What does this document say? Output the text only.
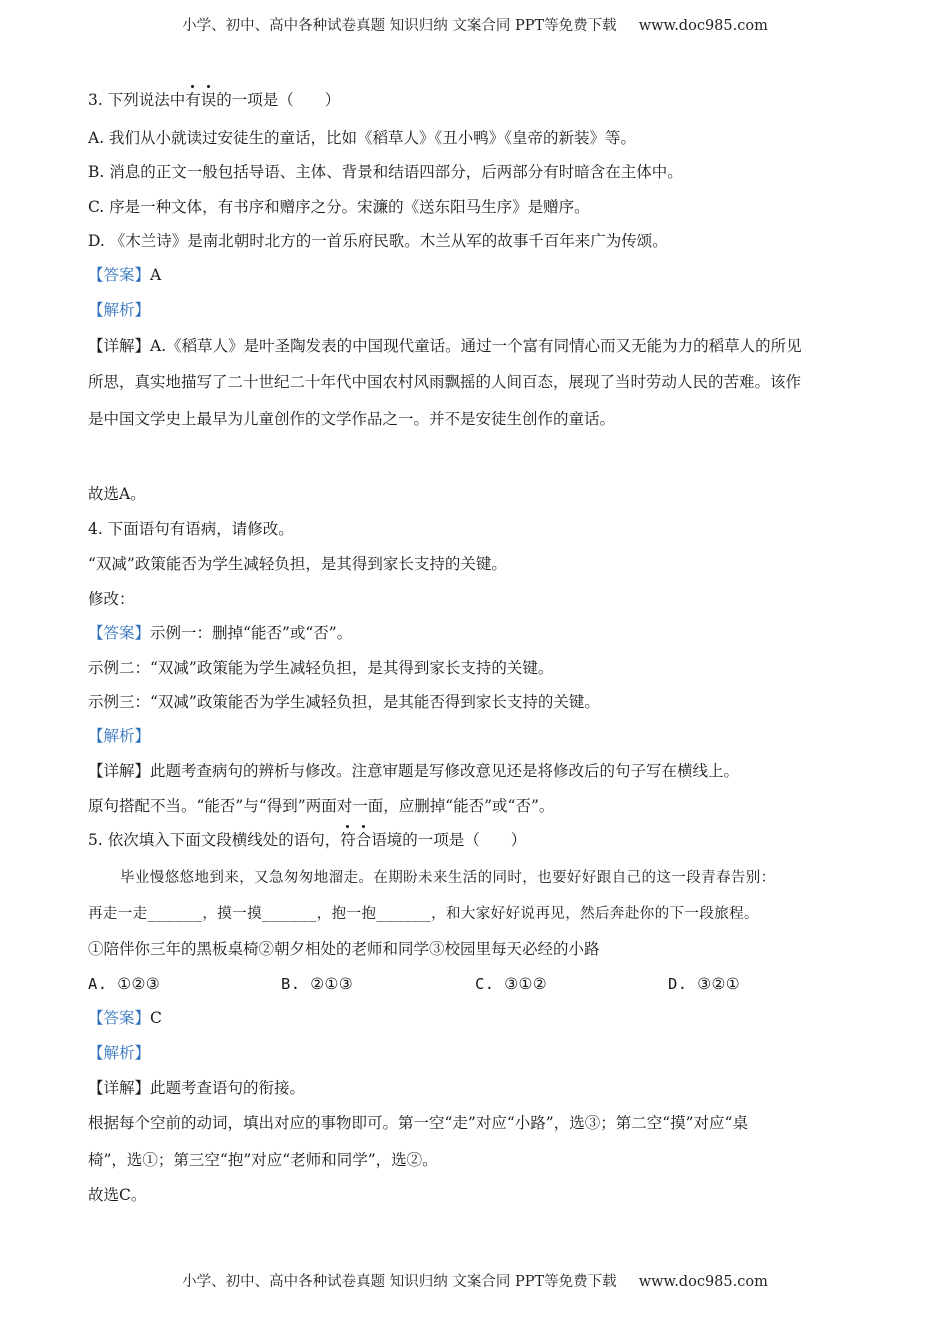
小学、初中、高中各种试卷真题 知识归纳 文案合同 PPT等免费下载 www.doc985.com
3. 下列说法中有误的一项是（　　）
A. 我们从小就读过安徒生的童话，比如《稻草人》《丑小鸭》《皇帝的新装》等。
B. 消息的正文一般包括导语、主体、背景和结语四部分，后两部分有时暗含在主体中。
C. 序是一种文体，有书序和赠序之分。宋濂的《送东阳马生序》是赠序。
D. 《木兰诗》是南北朝时北方的一首乐府民歌。木兰从军的故事千百年来广为传颂。
【答案】A
【解析】
【详解】A.《稻草人》是叶圣陶发表的中国现代童话。通过一个富有同情心而又无能为力的稻草人的所见
所思，真实地描写了二十世纪二十年代中国农村风雨飘摇的人间百态，展现了当时劳动人民的苦难。该作
是中国文学史上最早为儿童创作的文学作品之一。并不是安徒生创作的童话。
故选A。
4. 下面语句有语病，请修改。
“双减”政策能否为学生减轻负担，是其得到家长支持的关键。
修改：
【答案】示例一：删掉“能否”或“否”。
示例二：“双减”政策能为学生减轻负担，是其得到家长支持的关键。
示例三：“双减”政策能否为学生减轻负担，是其能否得到家长支持的关键。
【解析】
【详解】此题考查病句的辨析与修改。注意审题是写修改意见还是将修改后的句子写在横线上。
原句搭配不当。“能否”与“得到”两面对一面，应删掉“能否”或“否”。
5. 依次填入下面文段横线处的语句，符合语境的一项是（　　）
毕业慢悠悠地到来，又急匆匆地溜走。在期盼未来生活的同时，也要好好跟自己的这一段青春告别：
再走一走______，摸一摸______，抱一抱______，和大家好好说再见，然后奔赴你的下一段旅程。
①陪伴你三年的黑板桌椅②朝夕相处的老师和同学③校园里每天必经的小路
A. ①②③	B. ②①③	C. ③①②	D. ③②①
【答案】C
【解析】
【详解】此题考查语句的衔接。
根据每个空前的动词，填出对应的事物即可。第一空“走”对应“小路”，选③；第二空“摸”对应“桌
椅”，选①；第三空“抱”对应“老师和同学”，选②。
故选C。
小学、初中、高中各种试卷真题 知识归纳 文案合同 PPT等免费下载 www.doc985.com
